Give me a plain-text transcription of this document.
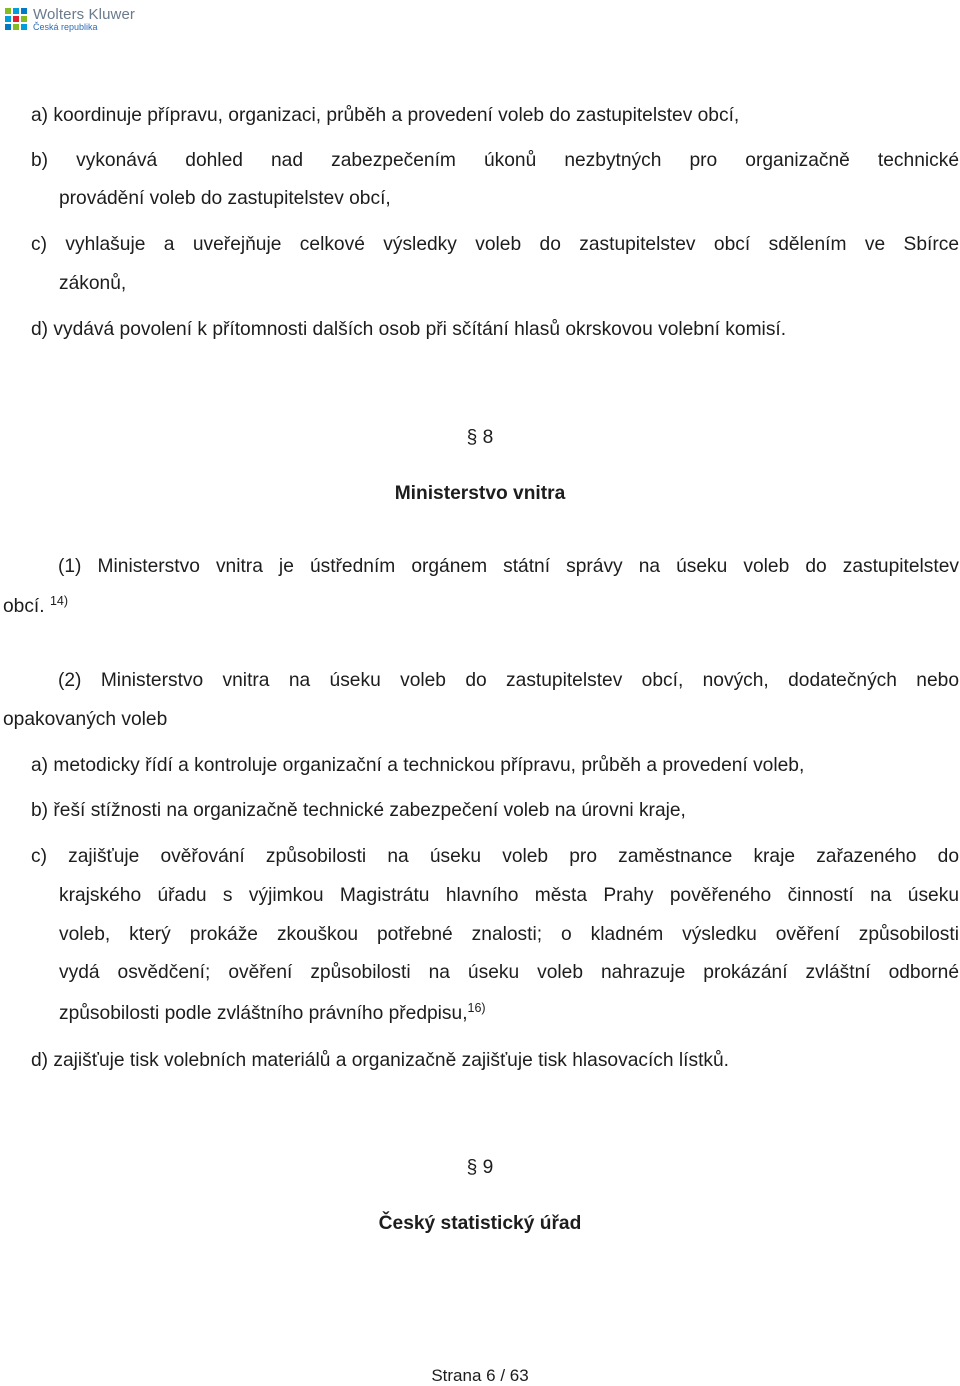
Wolters Kluwer
Česká republika
a) koordinuje přípravu, organizaci, průběh a provedení voleb do zastupitelstev obcí,
b) vykonává dohled nad zabezpečením úkonů nezbytných pro organizačně technické
provádění voleb do zastupitelstev obcí,
c) vyhlašuje a uveřejňuje celkové výsledky voleb do zastupitelstev obcí sdělením ve Sbírce
zákonů,
d) vydává povolení k přítomnosti dalších osob při sčítání hlasů okrskovou volební komisí.
§ 8
Ministerstvo vnitra
(1) Ministerstvo vnitra je ústředním orgánem státní správy na úseku voleb do zastupitelstev
obcí. $^{14)}$
(2) Ministerstvo vnitra na úseku voleb do zastupitelstev obcí, nových, dodatečných nebo
opakovaných voleb
a) metodicky řídí a kontroluje organizační a technickou přípravu, průběh a provedení voleb,
b) řeší stížnosti na organizačně technické zabezpečení voleb na úrovni kraje,
c) zajišťuje ověřování způsobilosti na úseku voleb pro zaměstnance kraje zařazeného do
krajského úřadu s výjimkou Magistrátu hlavního města Prahy pověřeného činností na úseku
voleb, který prokáže zkouškou potřebné znalosti; o kladném výsledku ověření způsobilosti
vydá osvědčení; ověření způsobilosti na úseku voleb nahrazuje prokázání zvláštní odborné
způsobilosti podle zvláštního právního předpisu,$^{16)}$
d) zajišťuje tisk volebních materiálů a organizačně zajišťuje tisk hlasovacích lístků.
§ 9
Český statistický úřad
Strana 6 / 63
